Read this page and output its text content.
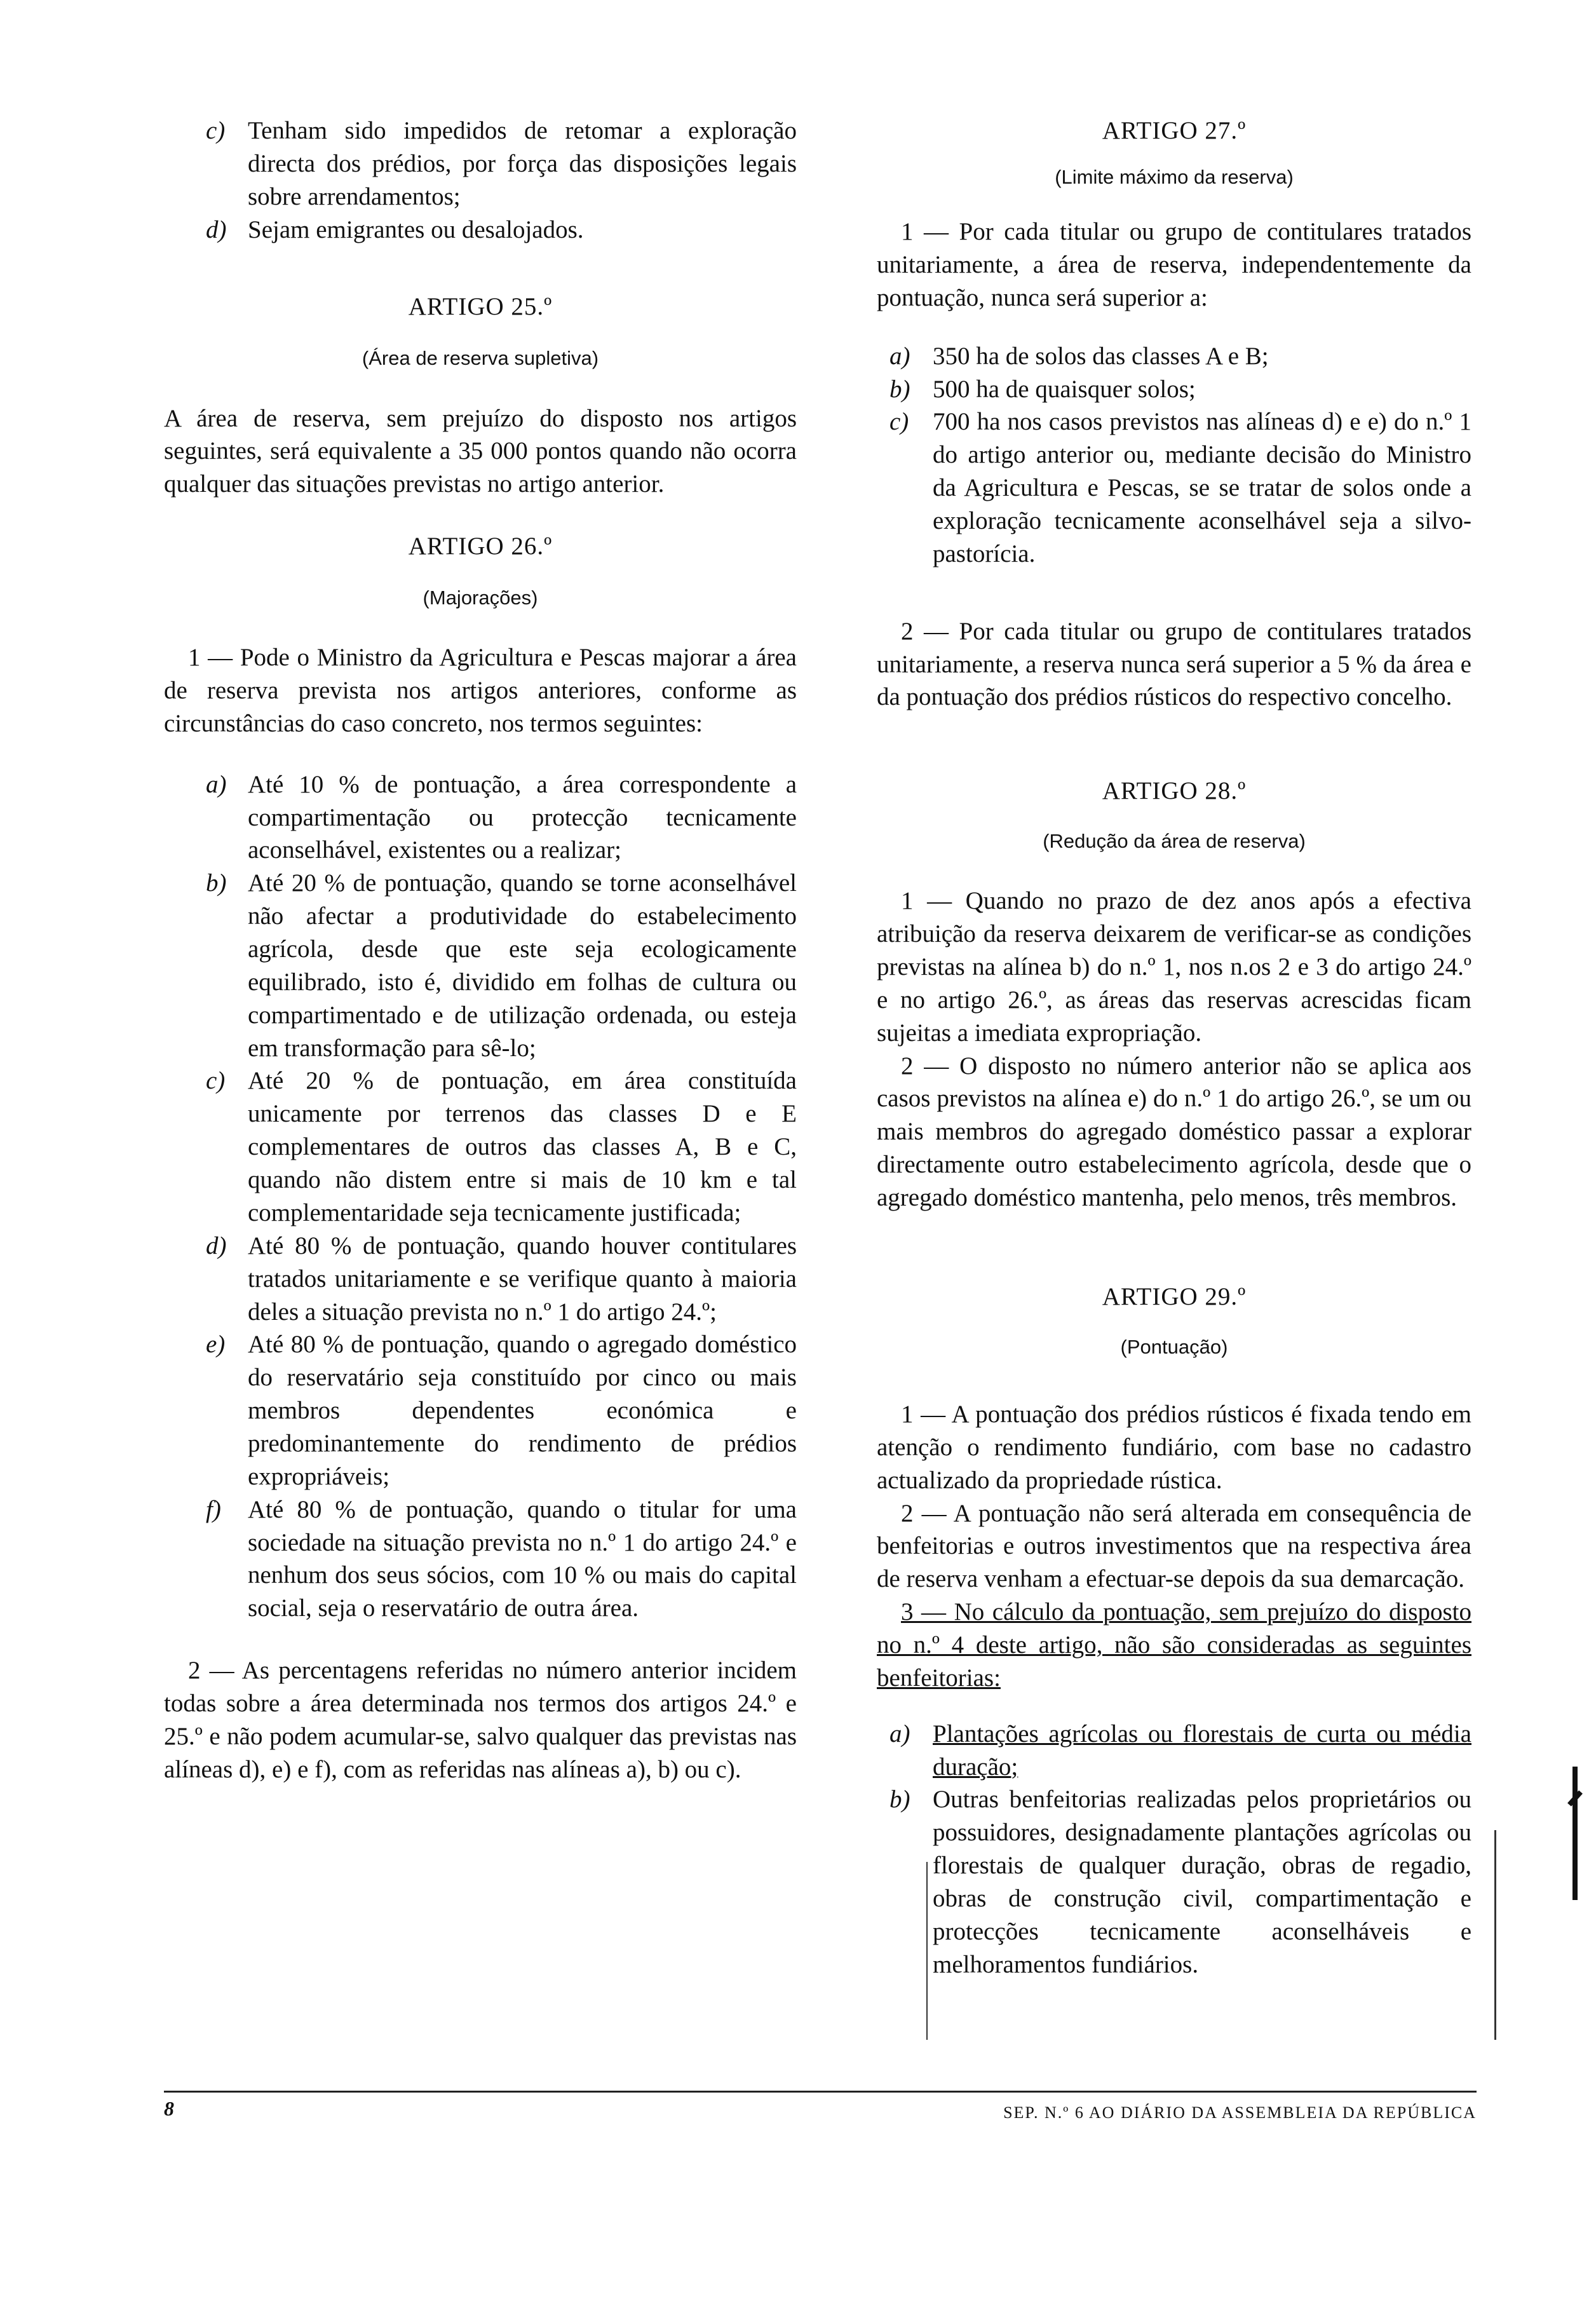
c) Tenham sido impedidos de retomar a exploração directa dos prédios, por força das disposições legais sobre arrendamentos;

d) Sejam emigrantes ou desalojados.

ARTIGO 25.º

(Área de reserva supletiva)

A área de reserva, sem prejuízo do disposto nos artigos seguintes, será equivalente a 35 000 pontos quando não ocorra qualquer das situações previstas no artigo anterior.

ARTIGO 26.º

(Majorações)

1 — Pode o Ministro da Agricultura e Pescas majorar a área de reserva prevista nos artigos anteriores, conforme as circunstâncias do caso concreto, nos termos seguintes:

a) Até 10 % de pontuação, a área correspondente a compartimentação ou protecção tecnicamente aconselhável, existentes ou a realizar;

b) Até 20 % de pontuação, quando se torne aconselhável não afectar a produtividade do estabelecimento agrícola, desde que este seja ecologicamente equilibrado, isto é, dividido em folhas de cultura ou compartimentado e de utilização ordenada, ou esteja em transformação para sê-lo;

c) Até 20 % de pontuação, em área constituída unicamente por terrenos das classes D e E complementares de outros das classes A, B e C, quando não distem entre si mais de 10 km e tal complementaridade seja tecnicamente justificada;

d) Até 80 % de pontuação, quando houver contitulares tratados unitariamente e se verifique quanto à maioria deles a situação prevista no n.º 1 do artigo 24.º;

e) Até 80 % de pontuação, quando o agregado doméstico do reservatário seja constituído por cinco ou mais membros dependentes económica e predominantemente do rendimento de prédios expropriáveis;

f) Até 80 % de pontuação, quando o titular for uma sociedade na situação prevista no n.º 1 do artigo 24.º e nenhum dos seus sócios, com 10 % ou mais do capital social, seja o reservatário de outra área.

2 — As percentagens referidas no número anterior incidem todas sobre a área determinada nos termos dos artigos 24.º e 25.º e não podem acumular-se, salvo qualquer das previstas nas alíneas d), e) e f), com as referidas nas alíneas a), b) ou c).

ARTIGO 27.º

(Limite máximo da reserva)

1 — Por cada titular ou grupo de contitulares tratados unitariamente, a área de reserva, independentemente da pontuação, nunca será superior a:

a) 350 ha de solos das classes A e B;

b) 500 ha de quaisquer solos;

c) 700 ha nos casos previstos nas alíneas d) e e) do n.º 1 do artigo anterior ou, mediante decisão do Ministro da Agricultura e Pescas, se se tratar de solos onde a exploração tecnicamente aconselhável seja a silvo-pastorícia.

2 — Por cada titular ou grupo de contitulares tratados unitariamente, a reserva nunca será superior a 5 % da área e da pontuação dos prédios rústicos do respectivo concelho.

ARTIGO 28.º

(Redução da área de reserva)

1 — Quando no prazo de dez anos após a efectiva atribuição da reserva deixarem de verificar-se as condições previstas na alínea b) do n.º 1, nos n.os 2 e 3 do artigo 24.º e no artigo 26.º, as áreas das reservas acrescidas ficam sujeitas a imediata expropriação.

2 — O disposto no número anterior não se aplica aos casos previstos na alínea e) do n.º 1 do artigo 26.º, se um ou mais membros do agregado doméstico passar a explorar directamente outro estabelecimento agrícola, desde que o agregado doméstico mantenha, pelo menos, três membros.

ARTIGO 29.º

(Pontuação)

1 — A pontuação dos prédios rústicos é fixada tendo em atenção o rendimento fundiário, com base no cadastro actualizado da propriedade rústica.

2 — A pontuação não será alterada em consequência de benfeitorias e outros investimentos que na respectiva área de reserva venham a efectuar-se depois da sua demarcação.

3 — No cálculo da pontuação, sem prejuízo do disposto no n.º 4 deste artigo, não são consideradas as seguintes benfeitorias:

a) Plantações agrícolas ou florestais de curta ou média duração;

b) Outras benfeitorias realizadas pelos proprietários ou possuidores, designadamente plantações agrícolas ou florestais de qualquer duração, obras de regadio, obras de construção civil, compartimentação e protecções tecnicamente aconselháveis e melhoramentos fundiários.

8	SEP. N.º 6 AO DIÁRIO DA ASSEMBLEIA DA REPÚBLICA
